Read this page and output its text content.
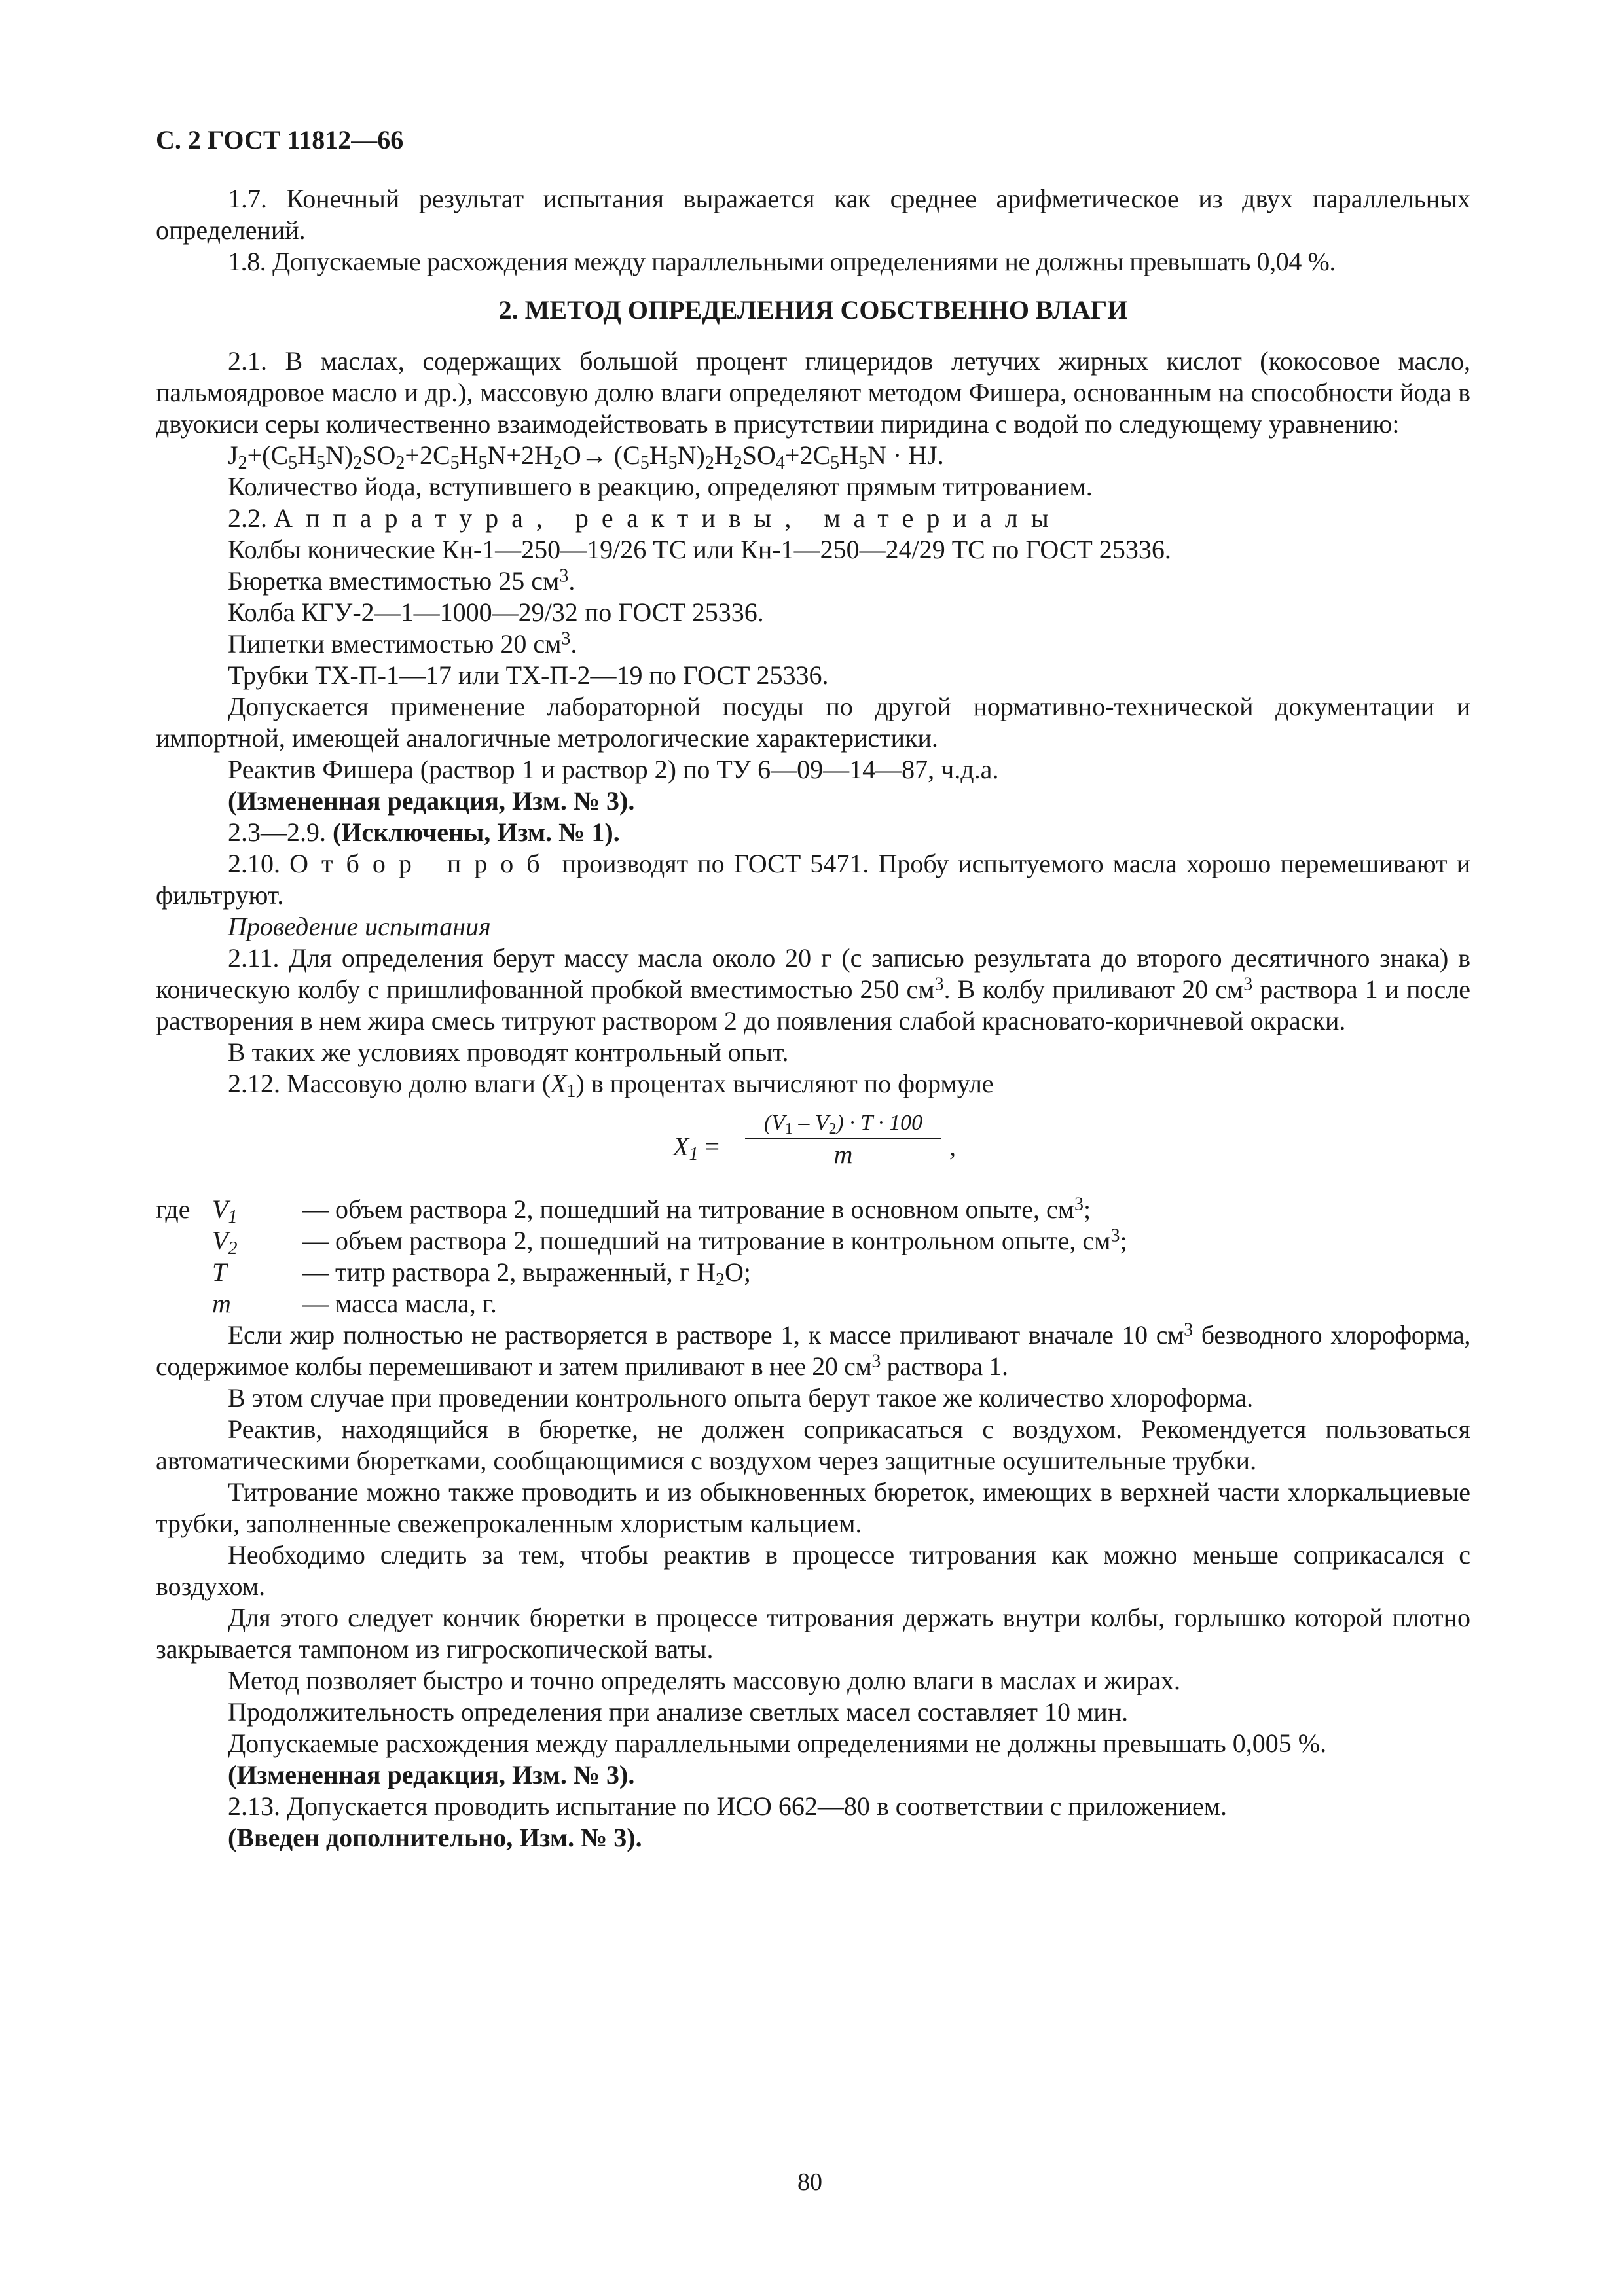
С. 2 ГОСТ 11812—66

1.7. Конечный результат испытания выражается как среднее арифметическое из двух параллельных определений.

1.8. Допускаемые расхождения между параллельными определениями не должны превышать 0,04 %.

2. МЕТОД ОПРЕДЕЛЕНИЯ СОБСТВЕННО ВЛАГИ

2.1. В маслах, содержащих большой процент глицеридов летучих жирных кислот (кокосовое масло, пальмоядровое масло и др.), массовую долю влаги определяют методом Фишера, основанным на способности йода в двуокиси серы количественно взаимодействовать в присутствии пиридина с водой по следующему уравнению:

$J_2+(C_5H_5N)_2SO_2+2C_5H_5N+2H_2O\to (C_5H_5N)_2H_2SO_4+2C_5H_5N$ · HJ.

Количество йода, вступившего в реакцию, определяют прямым титрованием.

2.2. Аппаратура, реактивы, материалы

Колбы конические Кн-1—250—19/26 ТС или Кн-1—250—24/29 ТС по ГОСТ 25336.

Бюретка вместимостью 25 $см^3$.

Колба КГУ-2—1—1000—29/32 по ГОСТ 25336.

Пипетки вместимостью 20 $см^3$.

Трубки ТХ-П-1—17 или ТХ-П-2—19 по ГОСТ 25336.

Допускается применение лабораторной посуды по другой нормативно-технической документации и импортной, имеющей аналогичные метрологические характеристики.

Реактив Фишера (раствор 1 и раствор 2) по ТУ 6—09—14—87, ч.д.а.

(Измененная редакция, Изм. № 3).

2.3—2.9. (Исключены, Изм. № 1).

2.10. Отбор проб производят по ГОСТ 5471. Пробу испытуемого масла хорошо перемешивают и фильтруют.

Проведение испытания

2.11. Для определения берут массу масла около 20 г (с записью результата до второго десятичного знака) в коническую колбу с пришлифованной пробкой вместимостью 250 $см^3$. В колбу приливают 20 $см^3$ раствора 1 и после растворения в нем жира смесь титруют раствором 2 до появления слабой красновато-коричневой окраски.

В таких же условиях проводят контрольный опыт.

2.12. Массовую долю влаги $(X_1)$ в процентах вычисляют по формуле

$X_1$ =
$(V_1 - V_2) \cdot T \cdot 100$
m	,
где $V_1$ — объем раствора 2, пошедший на титрование в основном опыте, $см^3$;
$V_2$ — объем раствора 2, пошедший на титрование в контрольном опыте, $см^3$;
T	— титр раствора 2, выраженный, г $H_2O$;
m	— масса масла, г.

Если жир полностью не растворяется в растворе 1, к массе приливают вначале 10 $см^3$ безводного хлороформа, содержимое колбы перемешивают и затем приливают в нее 20 $см^3$ раствора 1.

В этом случае при проведении контрольного опыта берут такое же количество хлороформа.

Реактив, находящийся в бюретке, не должен соприкасаться с воздухом. Рекомендуется пользоваться автоматическими бюретками, сообщающимися с воздухом через защитные осушительные трубки.

Титрование можно также проводить и из обыкновенных бюреток, имеющих в верхней части хлоркальциевые трубки, заполненные свежепрокаленным хлористым кальцием.

Необходимо следить за тем, чтобы реактив в процессе титрования как можно меньше соприкасался с воздухом.

Для этого следует кончик бюретки в процессе титрования держать внутри колбы, горлышко которой плотно закрывается тампоном из гигроскопической ваты.

Метод позволяет быстро и точно определять массовую долю влаги в маслах и жирах.

Продолжительность определения при анализе светлых масел составляет 10 мин.

Допускаемые расхождения между параллельными определениями не должны превышать 0,005 %.

(Измененная редакция, Изм. № 3).

2.13. Допускается проводить испытание по ИСО 662—80 в соответствии с приложением.

(Введен дополнительно, Изм. № 3).

80
